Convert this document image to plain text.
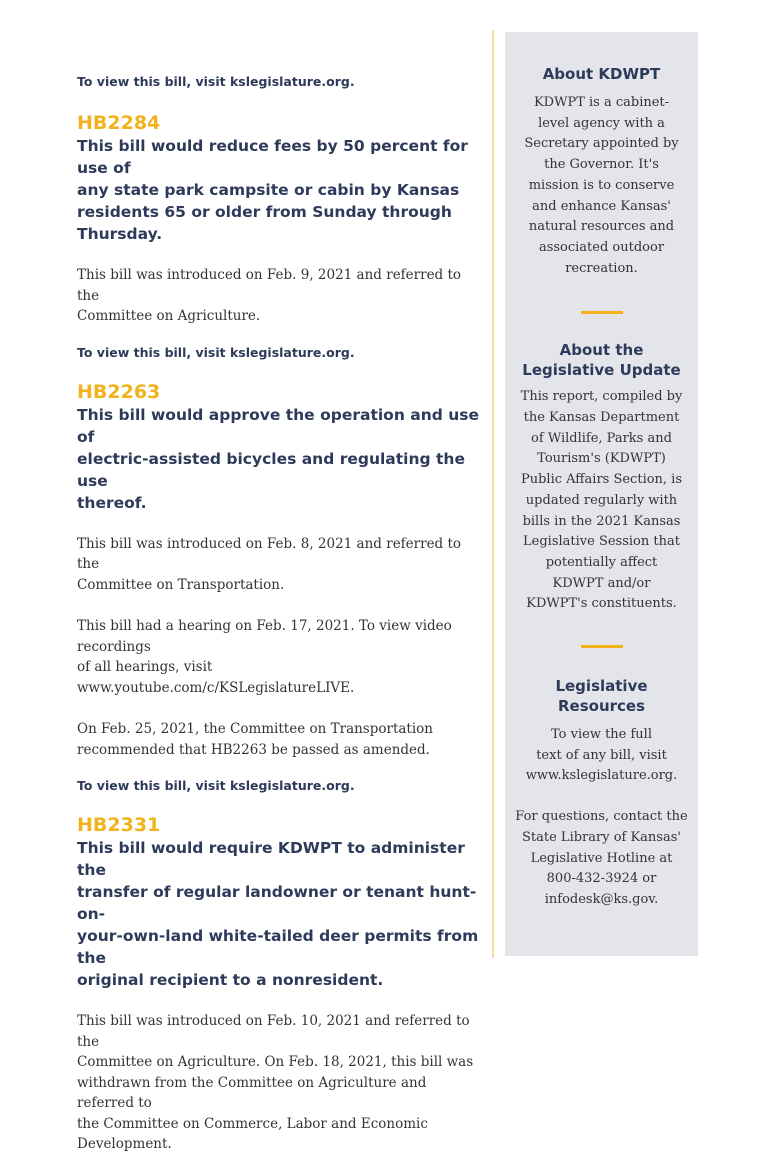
To view this bill, visit kslegislature.org.

HB2284

This bill would reduce fees by 50 percent for use of
any state park campsite or cabin by Kansas
residents 65 or older from Sunday through
Thursday.
This bill was introduced on Feb. 9, 2021 and referred to the
Committee on Agriculture.

To view this bill, visit kslegislature.org.

HB2263

This bill would approve the operation and use of
electric-assisted bicycles and regulating the use
thereof.
This bill was introduced on Feb. 8, 2021 and referred to the
Committee on Transportation.
This bill had a hearing on Feb. 17, 2021. To view video recordings
of all hearings, visit www.youtube.com/c/KSLegislatureLIVE.
On Feb. 25, 2021, the Committee on Transportation
recommended that HB2263 be passed as amended.

To view this bill, visit kslegislature.org.

HB2331

This bill would require KDWPT to administer the
transfer of regular landowner or tenant hunt-on-
your-own-land white-tailed deer permits from the
original recipient to a nonresident.
This bill was introduced on Feb. 10, 2021 and referred to the
Committee on Agriculture. On Feb. 18, 2021, this bill was
withdrawn from the Committee on Agriculture and referred to
the Committee on Commerce, Labor and Economic
Development.

About KDWPT

KDWPT is a cabinet-
level agency with a
Secretary appointed by
the Governor. It's
mission is to conserve
and enhance Kansas'
natural resources and
associated outdoor
recreation.
About the
Legislative Update
This report, compiled by
the Kansas Department
of Wildlife, Parks and
Tourism's (KDWPT)
Public Affairs Section, is
updated regularly with
bills in the 2021 Kansas
Legislative Session that
potentially affect
KDWPT and/or
KDWPT's constituents.
Legislative
Resources
To view the full
text of any bill, visit
www.kslegislature.org.
For questions, contact the
State Library of Kansas'
Legislative Hotline at
800-432-3924 or
infodesk@ks.gov.
